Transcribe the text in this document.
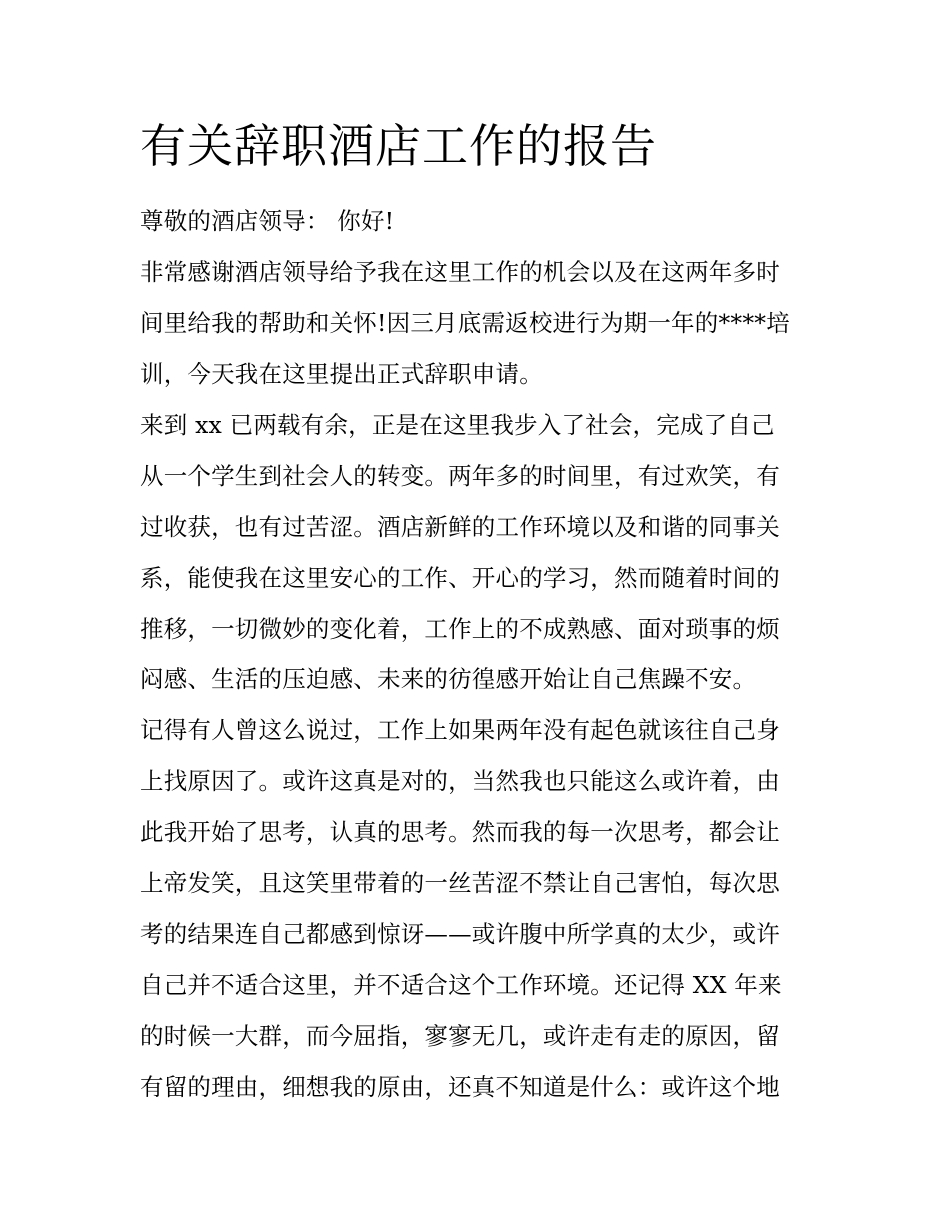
有关辞职酒店工作的报告
尊敬的酒店领导： 你好!
非常感谢酒店领导给予我在这里工作的机会以及在这两年多时
间里给我的帮助和关怀!因三月底需返校进行为期一年的****培
训，今天我在这里提出正式辞职申请。
来到 xx 已两载有余，正是在这里我步入了社会，完成了自己
从一个学生到社会人的转变。两年多的时间里，有过欢笑，有
过收获，也有过苦涩。酒店新鲜的工作环境以及和谐的同事关
系，能使我在这里安心的工作、开心的学习，然而随着时间的
推移，一切微妙的变化着，工作上的不成熟感、面对琐事的烦
闷感、生活的压迫感、未来的彷徨感开始让自己焦躁不安。
记得有人曾这么说过，工作上如果两年没有起色就该往自己身
上找原因了。或许这真是对的，当然我也只能这么或许着，由
此我开始了思考，认真的思考。然而我的每一次思考，都会让
上帝发笑，且这笑里带着的一丝苦涩不禁让自己害怕，每次思
考的结果连自己都感到惊讶——或许腹中所学真的太少，或许
自己并不适合这里，并不适合这个工作环境。还记得 XX 年来
的时候一大群，而今屈指，寥寥无几，或许走有走的原因，留
有留的理由，细想我的原由，还真不知道是什么：或许这个地
